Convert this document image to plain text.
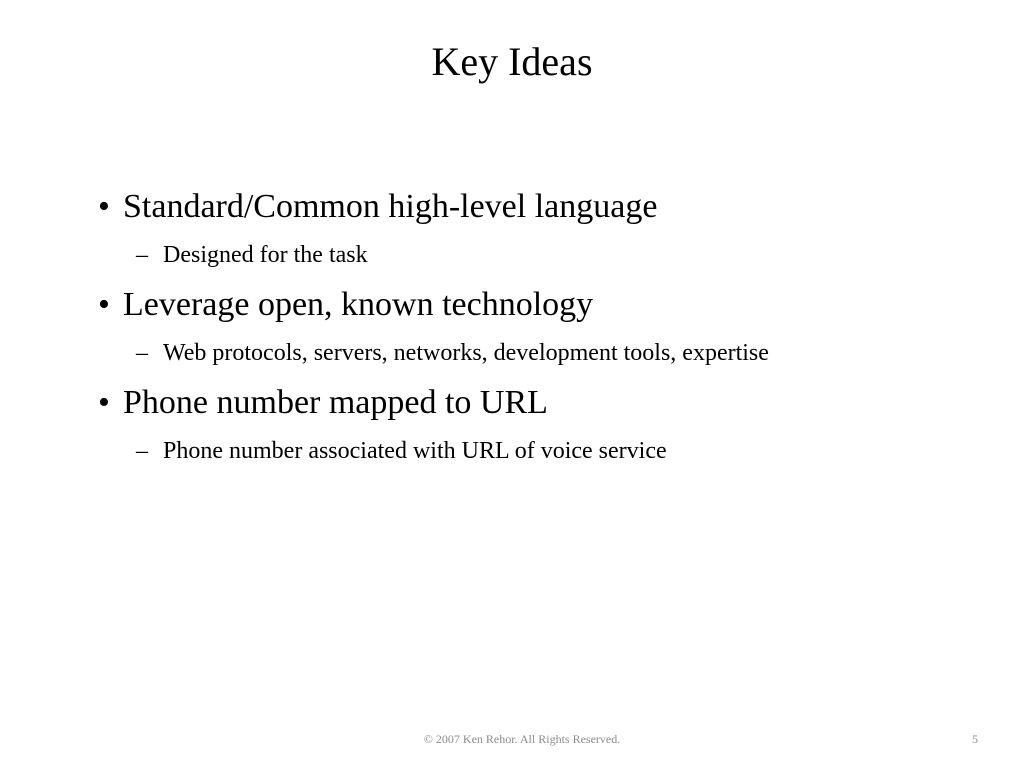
Key Ideas
• Standard/Common high-level language
– Designed for the task
• Leverage open, known technology
– Web protocols, servers, networks, development tools, expertise
• Phone number mapped to URL
– Phone number associated with URL of voice service
© 2007 Ken Rehor. All Rights Reserved.	5
